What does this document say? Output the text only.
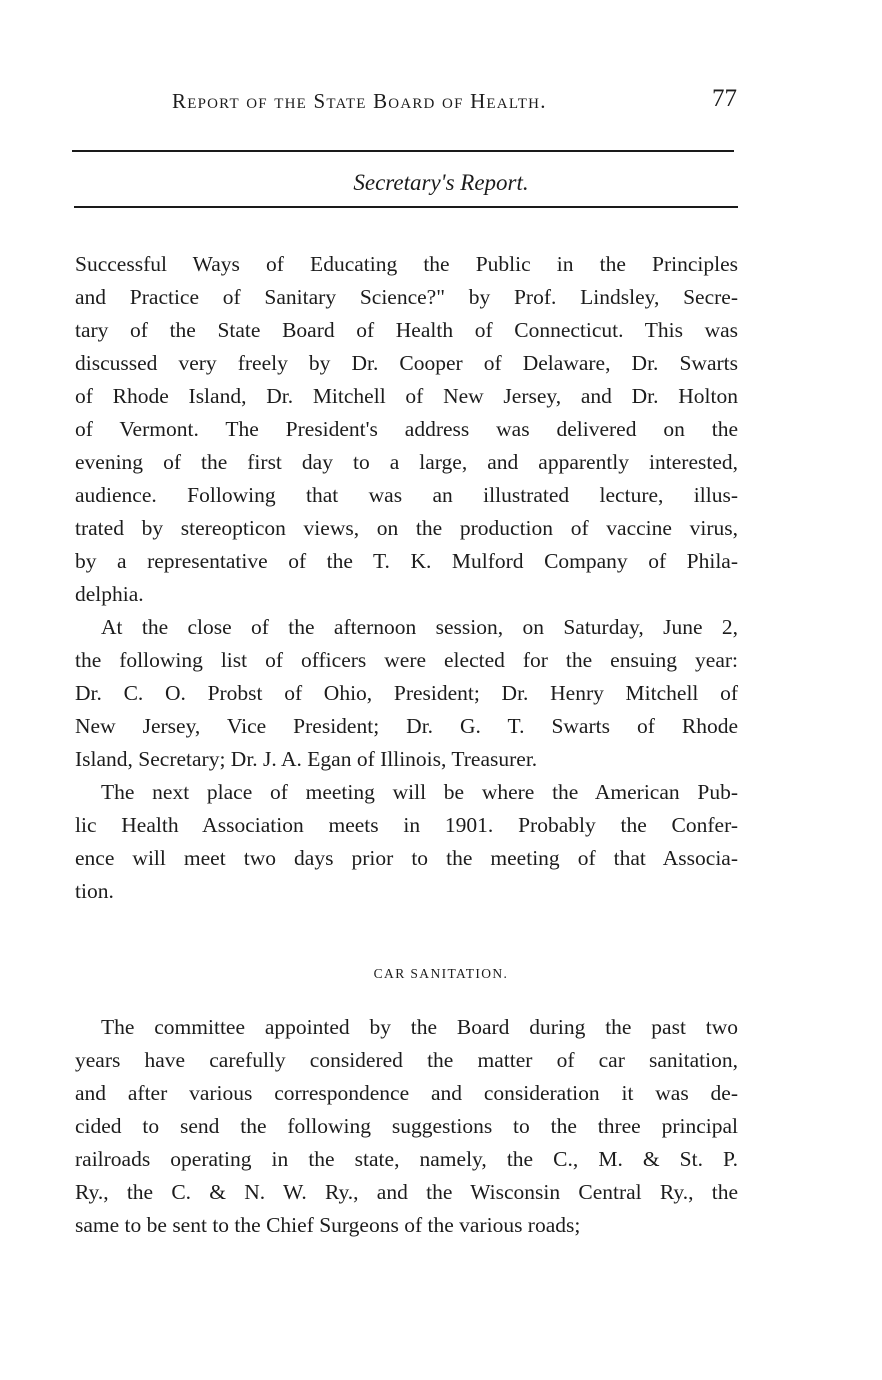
Report of the State Board of Health.	77
Secretary's Report.
Successful Ways of Educating the Public in the Principles
and Practice of Sanitary Science?" by Prof. Lindsley, Secre-
tary of the State Board of Health of Connecticut. This was
discussed very freely by Dr. Cooper of Delaware, Dr. Swarts
of Rhode Island, Dr. Mitchell of New Jersey, and Dr. Holton
of Vermont. The President's address was delivered on the
evening of the first day to a large, and apparently interested,
audience. Following that was an illustrated lecture, illus-
trated by stereopticon views, on the production of vaccine virus,
by a representative of the T. K. Mulford Company of Phila-
delphia.
At the close of the afternoon session, on Saturday, June 2,
the following list of officers were elected for the ensuing year:
Dr. C. O. Probst of Ohio, President; Dr. Henry Mitchell of
New Jersey, Vice President; Dr. G. T. Swarts of Rhode
Island, Secretary; Dr. J. A. Egan of Illinois, Treasurer.
The next place of meeting will be where the American Pub-
lic Health Association meets in 1901. Probably the Confer-
ence will meet two days prior to the meeting of that Associa-
tion.
CAR SANITATION.
The committee appointed by the Board during the past two
years have carefully considered the matter of car sanitation,
and after various correspondence and consideration it was de-
cided to send the following suggestions to the three principal
railroads operating in the state, namely, the C., M. & St. P.
Ry., the C. & N. W. Ry., and the Wisconsin Central Ry., the
same to be sent to the Chief Surgeons of the various roads;
